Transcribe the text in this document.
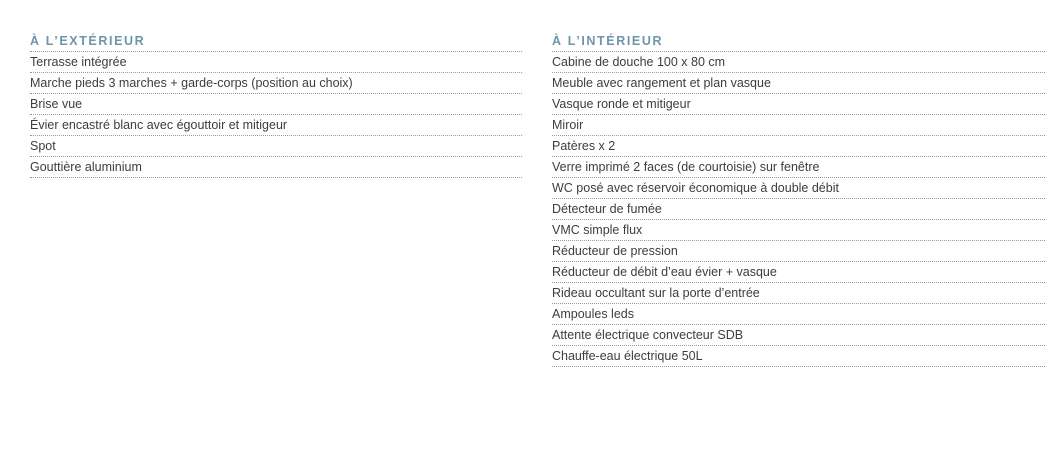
À L’EXTÉRIEUR
Terrasse intégrée
Marche pieds 3 marches + garde-corps (position au choix)
Brise vue
Évier encastré blanc avec égouttoir et mitigeur
Spot
Gouttière aluminium
À L’INTÉRIEUR
Cabine de douche 100 x 80 cm
Meuble avec rangement et plan vasque
Vasque ronde et mitigeur
Miroir
Patères x 2
Verre imprimé 2 faces (de courtoisie) sur fenêtre
WC posé avec réservoir économique à double débit
Détecteur de fumée
VMC simple flux
Réducteur de pression
Réducteur de débit d’eau évier + vasque
Rideau occultant sur la porte d’entrée
Ampoules leds
Attente électrique convecteur SDB
Chauffe-eau électrique 50L
